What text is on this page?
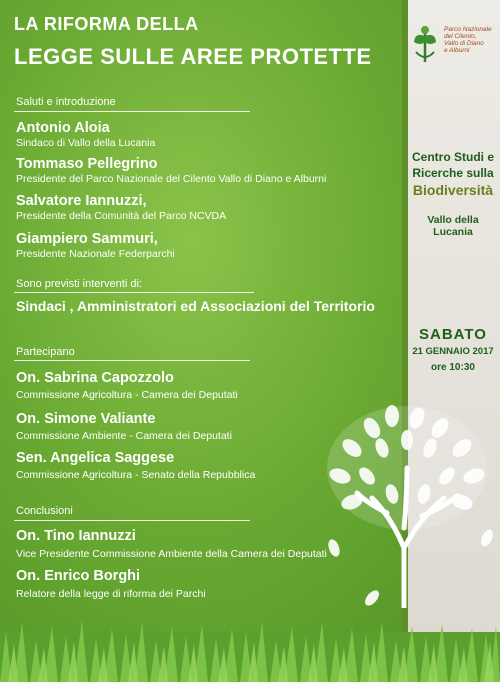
Parco Nazionale
del Cilento,
Vallo di Diano
e Alburni
Centro Studi e
Ricerche sulla
Biodiversità
Vallo della Lucania
SABATO
21 GENNAIO 2017
ore 10:30
LA RIFORMA DELLA
LEGGE SULLE AREE PROTETTE
Saluti e introduzione
Antonio Aloia
Sindaco di Vallo della Lucania
Tommaso Pellegrino
Presidente del Parco Nazionale del Cilento Vallo di Diano e Alburni
Salvatore Iannuzzi,
Presidente della Comunità del Parco NCVDA
Giampiero Sammuri,
Presidente Nazionale Federparchi
Sono previsti interventi di:
Sindaci , Amministratori ed Associazioni del Territorio
Partecipano
On. Sabrina Capozzolo
Commissione Agricoltura - Camera dei Deputati
On. Simone Valiante
Commissione Ambiente - Camera dei Deputati
Sen. Angelica Saggese
Commissione Agricoltura - Senato della Repubblica
Conclusioni
On. Tino Iannuzzi
Vice Presidente Commissione Ambiente della Camera dei Deputati
On. Enrico Borghi
Relatore della legge di riforma dei Parchi
